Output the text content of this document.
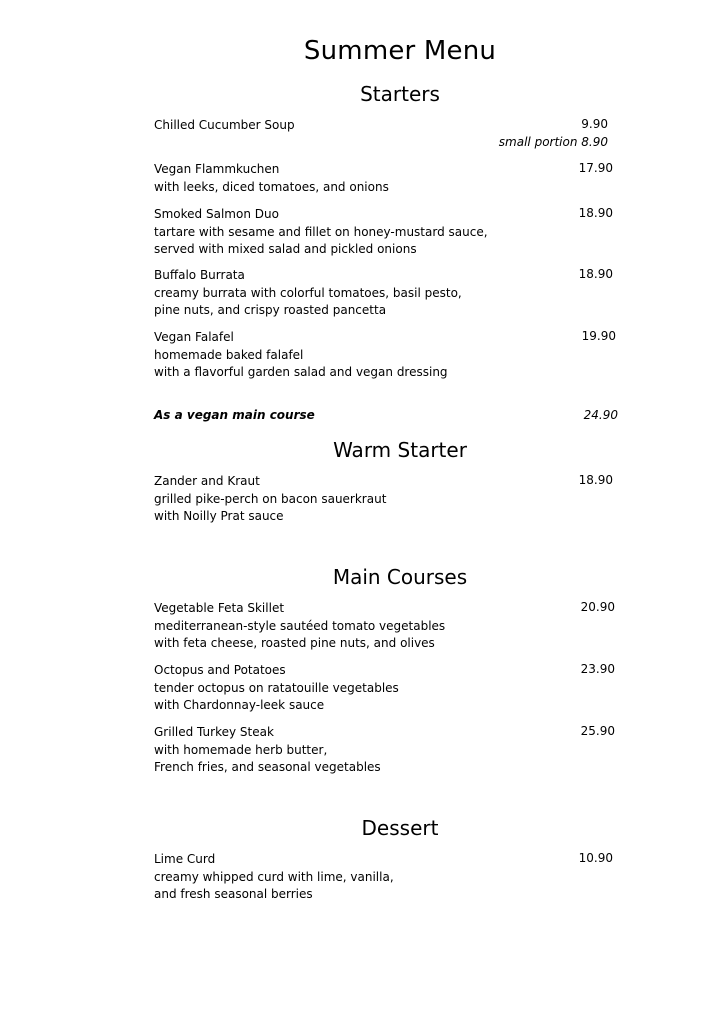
Summer Menu
Starters
Chilled Cucumber Soup	9.90
small portion 8.90
Vegan Flammkuchen
with leeks, diced tomatoes, and onions
17.90
Smoked Salmon Duo
tartare with sesame and fillet on honey-mustard sauce,
served with mixed salad and pickled onions
18.90
Buffalo Burrata
creamy burrata with colorful tomatoes, basil pesto,
pine nuts, and crispy roasted pancetta
18.90
Vegan Falafel
homemade baked falafel
with a flavorful garden salad and vegan dressing
19.90
As a vegan main course	24.90
Warm Starter
Zander and Kraut
grilled pike-perch on bacon sauerkraut
with Noilly Prat sauce
18.90
Main Courses
Vegetable Feta Skillet
mediterranean-style sautéed tomato vegetables
with feta cheese, roasted pine nuts, and olives
20.90
Octopus and Potatoes
tender octopus on ratatouille vegetables
with Chardonnay-leek sauce
23.90
Grilled Turkey Steak
with homemade herb butter,
French fries, and seasonal vegetables
25.90
Dessert
Lime Curd
creamy whipped curd with lime, vanilla,
and fresh seasonal berries
10.90
